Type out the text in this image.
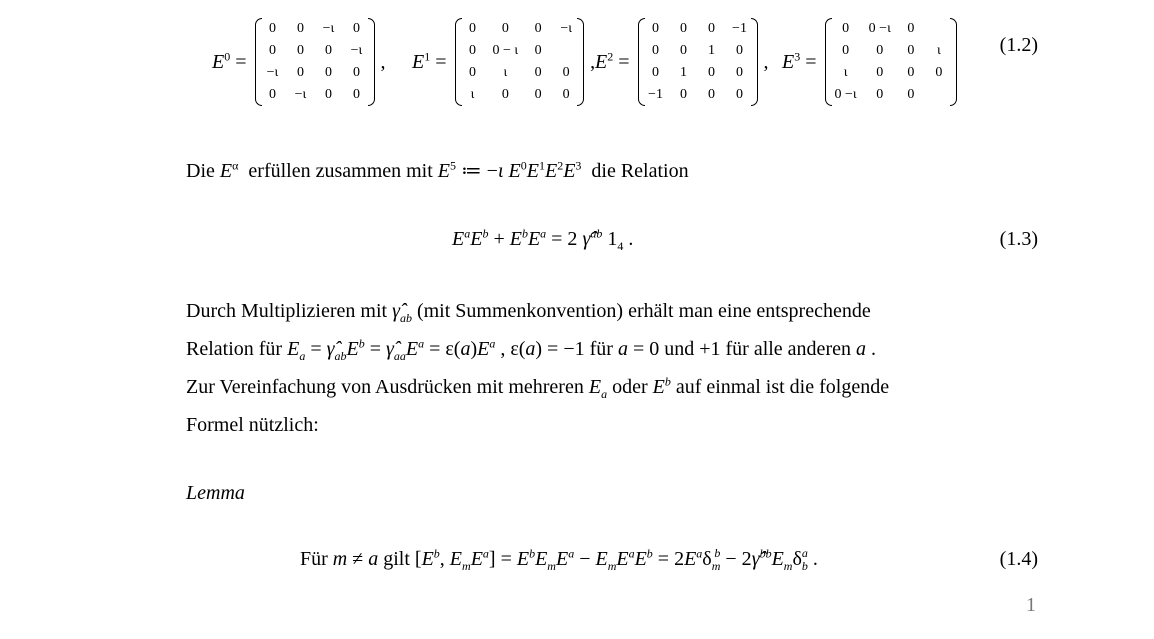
$E^0$ =
0	0	−ι	0
0	0	0	−ι
−ι	0	0	0
0	−ι	0	0
, $E^1$ =
0	0	0	−ι
0	0 − ι	0	
0	ι	0	0
ι	0	0	0
, $E^2$ =
0	0	0	−1
0	0	1	0
0	1	0	0
−1	0	0	0
, $E^3$ =
0	0 −ι	0	
0	0	0	ι
ι	0	0	0
0 −ι	0	0	
(1.2)
Die $E^\alpha$ erfüllen zusammen mit $E^5$ ≔ −ι $E^0E^1E^2E^3$ die Relation
$E^aE^b + E^bE^a = 2$ γ̂$^{ab}$ $1_4$ .	(1.3)
Durch Multiplizieren mit $\gammâ_{ab}$ (mit Summenkonvention) erhält man eine entsprechende
Relation für $E_a$ = $\gammâ_{ab}E^b$ = $\gammâ_{aa}E^a = \varepsilon(a)E^a$ , ε(a) = −1 für a = 0 und +1 für alle anderen a .
Zur Vereinfachung von Ausdrücken mit mehreren $E_a$ oder $E^b$ auf einmal ist die folgende
Formel nützlich:
Lemma
Für m ≠ a gilt [$E^b$, $E_mE^a] = E^bE_mE^a - E_mE^aE^b = 2E^a\delta_m^b$ − $2\gammâ^{bb}E_m\delta_b^a$ .	(1.4)
1
